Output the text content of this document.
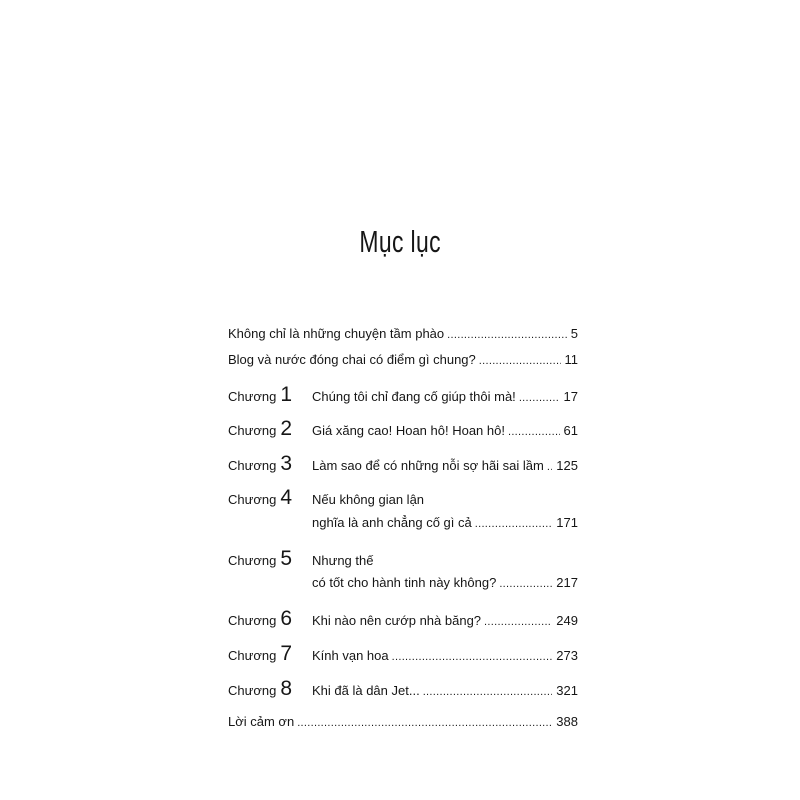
Mục lục
Không chỉ là những chuyện tầm phào .....	5
Blog và nước đóng chai có điểm gì chung? .....	11
Chương 1 Chúng tôi chỉ đang cố giúp thôi mà! .....	17
Chương 2 Giá xăng cao! Hoan hô! Hoan hô! .....	61
Chương 3 Làm sao để có những nỗi sợ hãi sai lầm ..... 125
Chương 4 Nếu không gian lận
nghĩa là anh chẳng cố gì cả .....	171
Chương 5 Nhưng thế
có tốt cho hành tinh này không? .....	217
Chương 6 Khi nào nên cướp nhà băng? .....	249
Chương 7 Kính vạn hoa .....	273
Chương 8 Khi đã là dân Jet... .....	321
Lời cảm ơn .....	388
